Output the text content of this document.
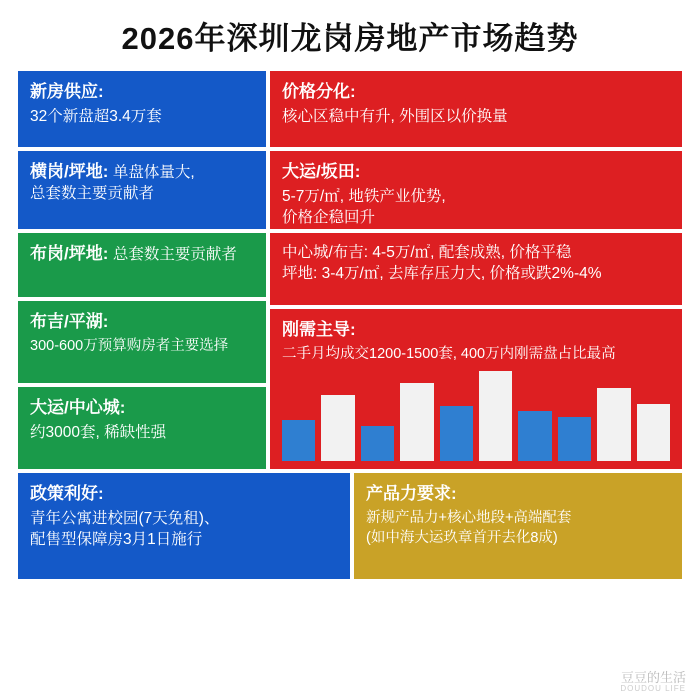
2026年深圳龙岗房地产市场趋势
新房供应:
32个新盘超3.4万套
横岗/坪地: 单盘体量大,
总套数主要贡献者
布岗/坪地: 总套数主要贡献者
布吉/平湖:
300-600万预算购房者主要选择
大运/中心城:
约3000套, 稀缺性强
价格分化:
核心区稳中有升, 外围区以价换量
大运/坂田:
5-7万/㎡, 地铁产业优势,
价格企稳回升
中心城/布吉: 4-5万/㎡, 配套成熟, 价格平稳
坪地: 3-4万/㎡, 去库存压力大, 价格或跌2%-4%
刚需主导:
二手月均成交1200-1500套, 400万内刚需盘占比最高
政策利好:
青年公寓进校园(7天免租)、
配售型保障房3月1日施行
产品力要求:
新规产品力+核心地段+高端配套
(如中海大运玖章首开去化8成)
豆豆的生活
DOUDOU LIFE
